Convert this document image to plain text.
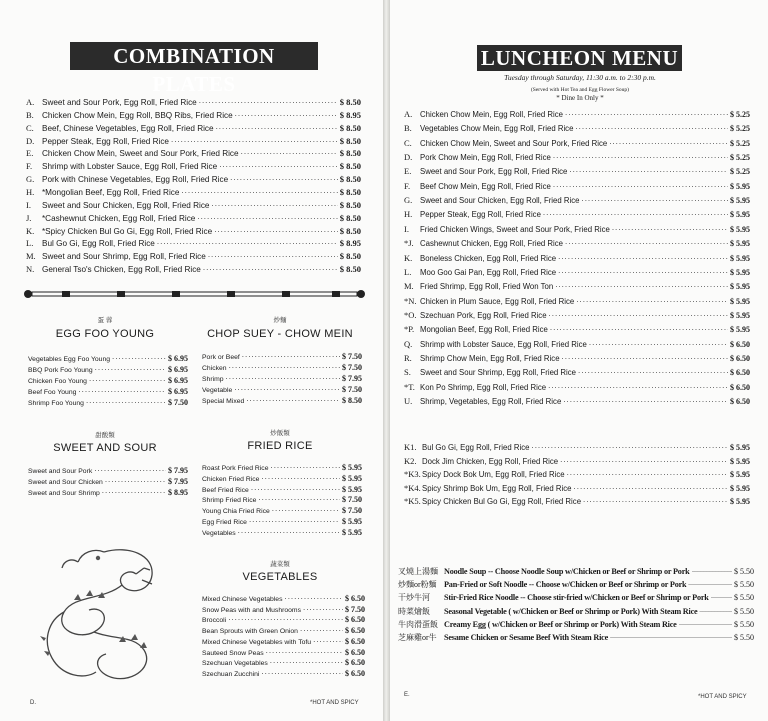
COMBINATION PLATES
A. Sweet and Sour Pork, Egg Roll, Fried Rice .....	$ 8.50
B.	Chicken Chow Mein, Egg Roll, BBQ Ribs, Fried Rice .....	$ 8.95
C.	Beef, Chinese Vegetables, Egg Roll, Fried Rice .....	$ 8.50
D. Pepper Steak, Egg Roll, Fried Rice .....	$ 8.50
E.	Chicken Chow Mein, Sweet and Sour Pork, Fried Rice .....	$ 8.50
F.	Shrimp with Lobster Sauce, Egg Roll, Fried Rice .....	$ 8.50
G. Pork with Chinese Vegetables, Egg Roll, Fried Rice .....	$ 8.50
H. *Mongolian Beef, Egg Roll, Fried Rice .....	$ 8.50
I.	Sweet and Sour Chicken, Egg Roll, Fried Rice .....	$ 8.50
J.	*Cashewnut Chicken, Egg Roll, Fried Rice .....	$ 8.50
K. *Spicy Chicken Bul Go Gi, Egg Roll, Fried Rice .....	$ 8.50
L.	Bul Go Gi, Egg Roll, Fried Rice .....	$ 8.95
M. Sweet and Sour Shrimp, Egg Roll, Fried Rice .....	$ 8.50
N. General Tso's Chicken, Egg Roll, Fried Rice .....	$ 8.50
蛋 蓉
EGG FOO YOUNG
Vegetables Egg Foo Young .....	$ 6.95
BBQ Pork Foo Young .....	$ 6.95
Chicken Foo Young .....	$ 6.95
Beef Foo Young .....	$ 6.95
Shrimp Foo Young .....	$ 7.50
炒麵
CHOP SUEY - CHOW MEIN
Pork or Beef .....	$ 7.50
Chicken .....	$ 7.50
Shrimp .....	$ 7.95
Vegetable .....	$ 7.50
Special Mixed .....	$ 8.50
甜酸類
SWEET AND SOUR
Sweet and Sour Pork .....	$ 7.95
Sweet and Sour Chicken .....	$ 7.95
Sweet and Sour Shrimp .....	$ 8.95
炒飯類
FRIED RICE
Roast Pork Fried Rice .....	$ 5.95
Chicken Fried Rice .....	$ 5.95
Beef Fried Rice .....	$ 5.95
Shrimp Fried Rice .....	$ 7.50
Young Chia Fried Rice .....	$ 7.50
Egg Fried Rice .....	$ 5.95
Vegetables .....	$ 5.95
蔬菜類
VEGETABLES
Mixed Chinese Vegetables .....	$ 6.50
Snow Peas with and Mushrooms .....	$ 7.50
Broccoli .....	$ 6.50
Bean Sprouts with Green Onion .....	$ 6.50
Mixed Chinese Vegetables with Tofu .....	$ 6.50
Sauteed Snow Peas .....	$ 6.50
Szechuan Vegetables .....	$ 6.50
Szechuan Zucchini .....	$ 6.50
D.	*HOT AND SPICY
LUNCHEON MENU
Tuesday through Saturday, 11:30 a.m. to 2:30 p.m.
(Served with Hot Tea and Egg Flower Soup)
* Dine In Only *
A. Chicken Chow Mein, Egg Roll, Fried Rice .....	$ 5.25
B.	Vegetables Chow Mein, Egg Roll, Fried Rice .....	$ 5.25
C.	Chicken Chow Mein, Sweet and Sour Pork, Fried Rice .....	$ 5.25
D. Pork Chow Mein, Egg Roll, Fried Rice .....	$ 5.25
E.	Sweet and Sour Pork, Egg Roll, Fried Rice .....	$ 5.25
F.	Beef Chow Mein, Egg Roll, Fried Rice .....	$ 5.95
G. Sweet and Sour Chicken, Egg Roll, Fried Rice .....	$ 5.95
H. Pepper Steak, Egg Roll, Fried Rice .....	$ 5.95
I.	Fried Chicken Wings, Sweet and Sour Pork, Fried Rice .....	$ 5.95
*J. Cashewnut Chicken, Egg Roll, Fried Rice .....	$ 5.95
K. Boneless Chicken, Egg Roll, Fried Rice .....	$ 5.95
L.	Moo Goo Gai Pan, Egg Roll, Fried Rice .....	$ 5.95
M. Fried Shrimp, Egg Roll, Fried Won Ton .....	$ 5.95
*N. Chicken in Plum Sauce, Egg Roll, Fried Rice .....	$ 5.95
*O. Szechuan Pork, Egg Roll, Fried Rice .....	$ 5.95
*P. Mongolian Beef, Egg Roll, Fried Rice .....	$ 5.95
Q. Shrimp with Lobster Sauce, Egg Roll, Fried Rice .....	$ 6.50
R.	Shrimp Chow Mein, Egg Roll, Fried Rice .....	$ 6.50
S.	Sweet and Sour Shrimp, Egg Roll, Fried Rice .....	$ 6.50
*T. Kon Po Shrimp, Egg Roll, Fried Rice .....	$ 6.50
U. Shrimp, Vegetables, Egg Roll, Fried Rice .....	$ 6.50
K1. Bul Go Gi, Egg Roll, Fried Rice .....	$ 5.95
K2. Dock Jim Chicken, Egg Roll, Fried Rice .....	$ 5.95
*K3. Spicy Dock Bok Um, Egg Roll, Fried Rice .....	$ 5.95
*K4. Spicy Shrimp Bok Um, Egg Roll, Fried Rice .....	$ 5.95
*K5. Spicy Chicken Bul Go Gi, Egg Roll, Fried Rice .....	$ 5.95
叉燒上湯麵 Noodle Soup -- Choose Noodle Soup w/Chicken or Beef or Shrimp or Pork _____	$ 5.50
炒麵or粉麵 Pan-Fried or Soft Noodle -- Choose w/Chicken or Beef or Shrimp or Pork _____	$ 5.50
干炒牛河	Stir-Fried Rice Noodle -- Choose stir-fried w/Chicken or Beef or Shrimp or Pork _____	$ 5.50
時菜燴飯	Seasonal Vegetable ( w/Chicken or Beef or Shrimp or Pork) With Steam Rice _____	$ 5.50
牛肉滑蛋飯 Creamy Egg ( w/Chicken or Beef or Shrimp or Pork) With Steam Rice _____	$ 5.50
芝麻雞or牛 Sesame Chicken or Sesame Beef With Steam Rice _____	$ 5.50
E.	*HOT AND SPICY
